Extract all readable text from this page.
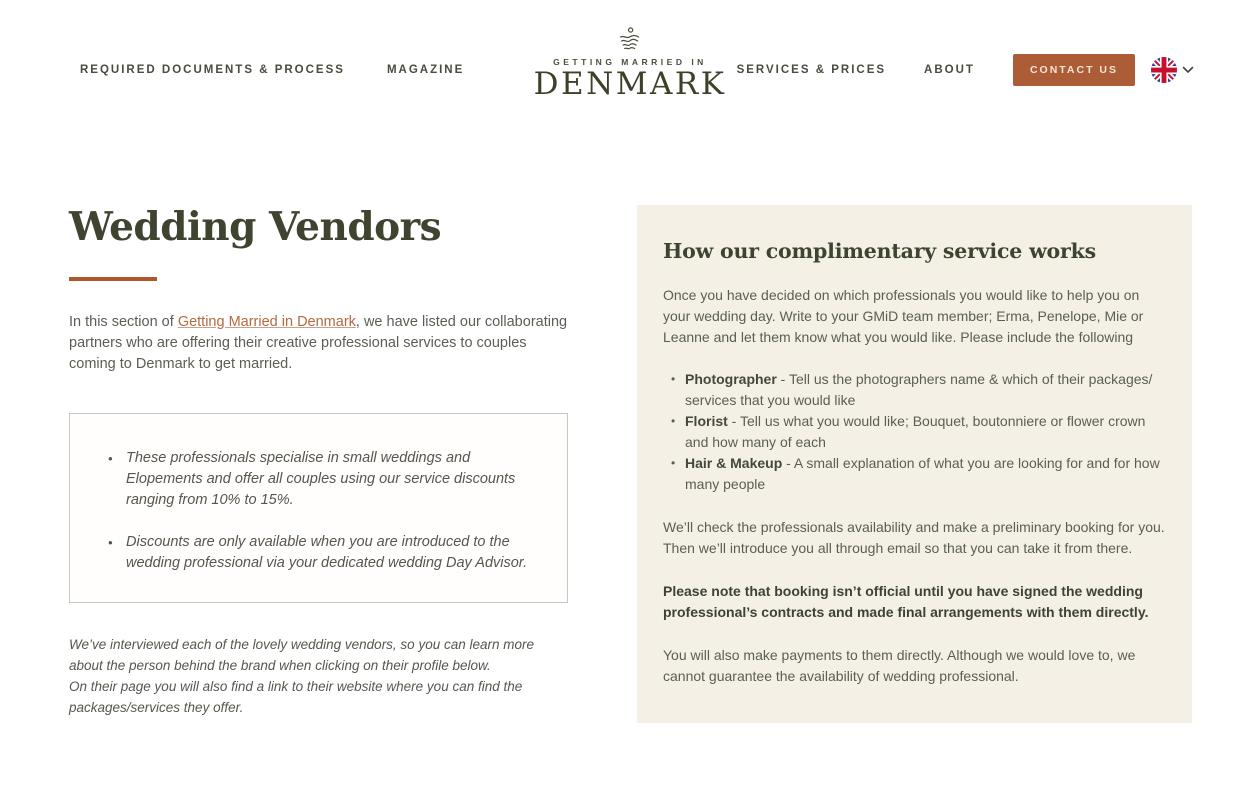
REQUIRED DOCUMENTS & PROCESS	MAGAZINE
GETTING MARRIED IN
DENMARK SERVICES & PRICES	ABOUT	CONTACT US
Wedding Vendors

In this section of Getting Married in Denmark, we have listed our collaborating partners who are offering their creative professional services to couples coming to Denmark to get married.

• These professionals specialise in small weddings and Elopements and offer all couples using our service discounts ranging from 10% to 15%.
• Discounts are only available when you are introduced to the wedding professional via your dedicated wedding Day Advisor.
We’ve interviewed each of the lovely wedding vendors, so you can learn more about the person behind the brand when clicking on their profile below.
On their page you will also find a link to their website where you can find the packages/services they offer.
How our complimentary service works

Once you have decided on which professionals you would like to help you on your wedding day. Write to your GMiD team member; Erma, Penelope, Mie or Leanne and let them know what you would like. Please include the following

• Photographer - Tell us the photographers name & which of their packages/ services that you would like
• Florist - Tell us what you would like; Bouquet, boutonniere or flower crown and how many of each
• Hair & Makeup - A small explanation of what you are looking for and for how many people

We’ll check the professionals availability and make a preliminary booking for you. Then we’ll introduce you all through email so that you can take it from there.

Please note that booking isn’t official until you have signed the wedding professional’s contracts and made final arrangements with them directly.

You will also make payments to them directly. Although we would love to, we cannot guarantee the availability of wedding professional.
